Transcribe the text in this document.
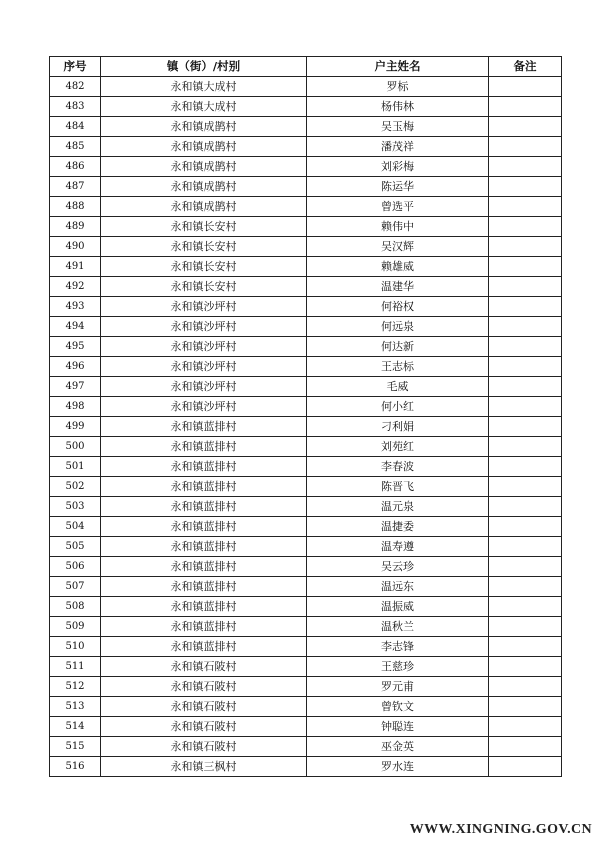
序号	镇（街）/村别	户主姓名	备注
482	永和镇大成村	罗标	
483	永和镇大成村	杨伟林	
484	永和镇成鹊村	吴玉梅	
485	永和镇成鹊村	潘茂祥	
486	永和镇成鹊村	刘彩梅	
487	永和镇成鹊村	陈运华	
488	永和镇成鹊村	曾选平	
489	永和镇长安村	赖伟中	
490	永和镇长安村	吴汉辉	
491	永和镇长安村	赖雄威	
492	永和镇长安村	温建华	
493	永和镇沙坪村	何裕权	
494	永和镇沙坪村	何远泉	
495	永和镇沙坪村	何达新	
496	永和镇沙坪村	王志标	
497	永和镇沙坪村	毛威	
498	永和镇沙坪村	何小红	
499	永和镇蓝排村	刁利娟	
500	永和镇蓝排村	刘苑红	
501	永和镇蓝排村	李春波	
502	永和镇蓝排村	陈晋飞	
503	永和镇蓝排村	温元泉	
504	永和镇蓝排村	温捷委	
505	永和镇蓝排村	温寿遵	
506	永和镇蓝排村	吴云珍	
507	永和镇蓝排村	温远东	
508	永和镇蓝排村	温振威	
509	永和镇蓝排村	温秋兰	
510	永和镇蓝排村	李志锋	
511	永和镇石陂村	王慈珍	
512	永和镇石陂村	罗元甫	
513	永和镇石陂村	曾钦文	
514	永和镇石陂村	钟聪连	
515	永和镇石陂村	巫金英	
516	永和镇三枫村	罗水连	
WWW.XINGNING.GOV.CN
